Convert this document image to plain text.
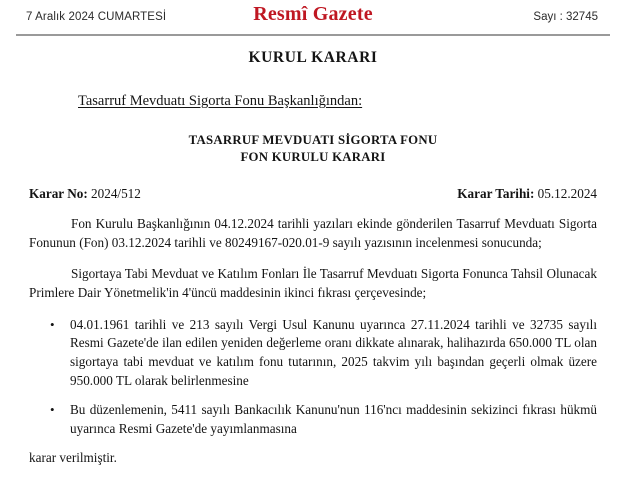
7 Aralık 2024 CUMARTESİ	Resmî Gazete	Sayı : 32745
KURUL KARARI
Tasarruf Mevduatı Sigorta Fonu Başkanlığından:
TASARRUF MEVDUATI SİGORTA FONU
FON KURULU KARARI
Karar No: 2024/512	Karar Tarihi: 05.12.2024

Fon Kurulu Başkanlığının 04.12.2024 tarihli yazıları ekinde gönderilen Tasarruf Mevduatı Sigorta Fonunun (Fon) 03.12.2024 tarihli ve 80249167-020.01-9 sayılı yazısının incelenmesi sonucunda;

Sigortaya Tabi Mevduat ve Katılım Fonları İle Tasarruf Mevduatı Sigorta Fonunca Tahsil Olunacak Primlere Dair Yönetmelik'in 4'üncü maddesinin ikinci fıkrası çerçevesinde;

• 04.01.1961 tarihli ve 213 sayılı Vergi Usul Kanunu uyarınca 27.11.2024 tarihli ve 32735 sayılı Resmi Gazete'de ilan edilen yeniden değerleme oranı dikkate alınarak, halihazırda 650.000 TL olan sigortaya tabi mevduat ve katılım fonu tutarının, 2025 takvim yılı başından geçerli olmak üzere 950.000 TL olarak belirlenmesine
• Bu düzenlemenin, 5411 sayılı Bankacılık Kanunu'nun 116'ncı maddesinin sekizinci fıkrası hükmü uyarınca Resmi Gazete'de yayımlanmasına

karar verilmiştir.
